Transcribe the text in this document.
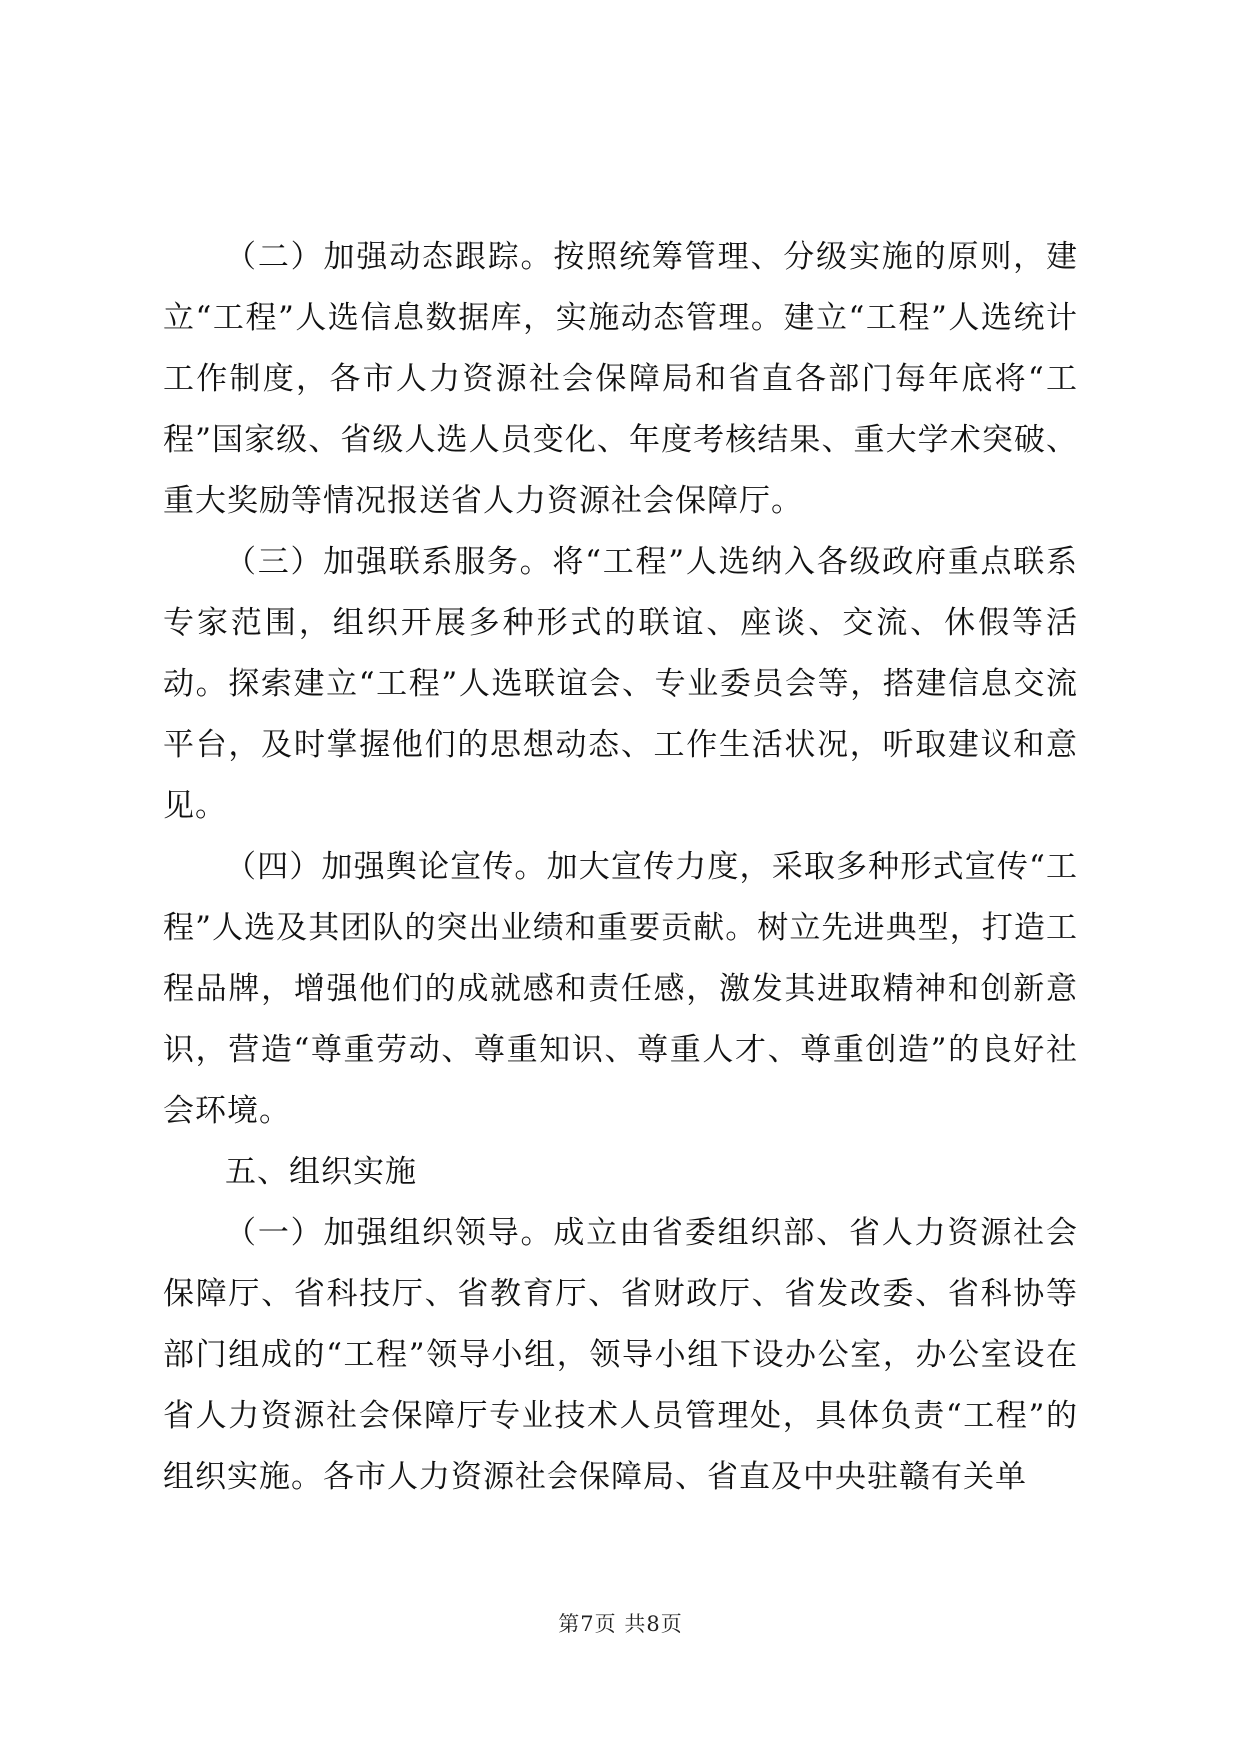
（二）加强动态跟踪。按照统筹管理、分级实施的原则，建立“工程”人选信息数据库，实施动态管理。建立“工程”人选统计工作制度，各市人力资源社会保障局和省直各部门每年底将“工程”国家级、省级人选人员变化、年度考核结果、重大学术突破、重大奖励等情况报送省人力资源社会保障厅。

（三）加强联系服务。将“工程”人选纳入各级政府重点联系专家范围，组织开展多种形式的联谊、座谈、交流、休假等活动。探索建立“工程”人选联谊会、专业委员会等，搭建信息交流平台，及时掌握他们的思想动态、工作生活状况，听取建议和意见。

（四）加强舆论宣传。加大宣传力度，采取多种形式宣传“工程”人选及其团队的突出业绩和重要贡献。树立先进典型，打造工程品牌，增强他们的成就感和责任感，激发其进取精神和创新意识，营造“尊重劳动、尊重知识、尊重人才、尊重创造”的良好社会环境。

五、组织实施

（一）加强组织领导。成立由省委组织部、省人力资源社会保障厅、省科技厅、省教育厅、省财政厅、省发改委、省科协等部门组成的“工程”领导小组，领导小组下设办公室，办公室设在省人力资源社会保障厅专业技术人员管理处，具体负责“工程”的组织实施。各市人力资源社会保障局、省直及中央驻赣有关单

第7页 共8页
